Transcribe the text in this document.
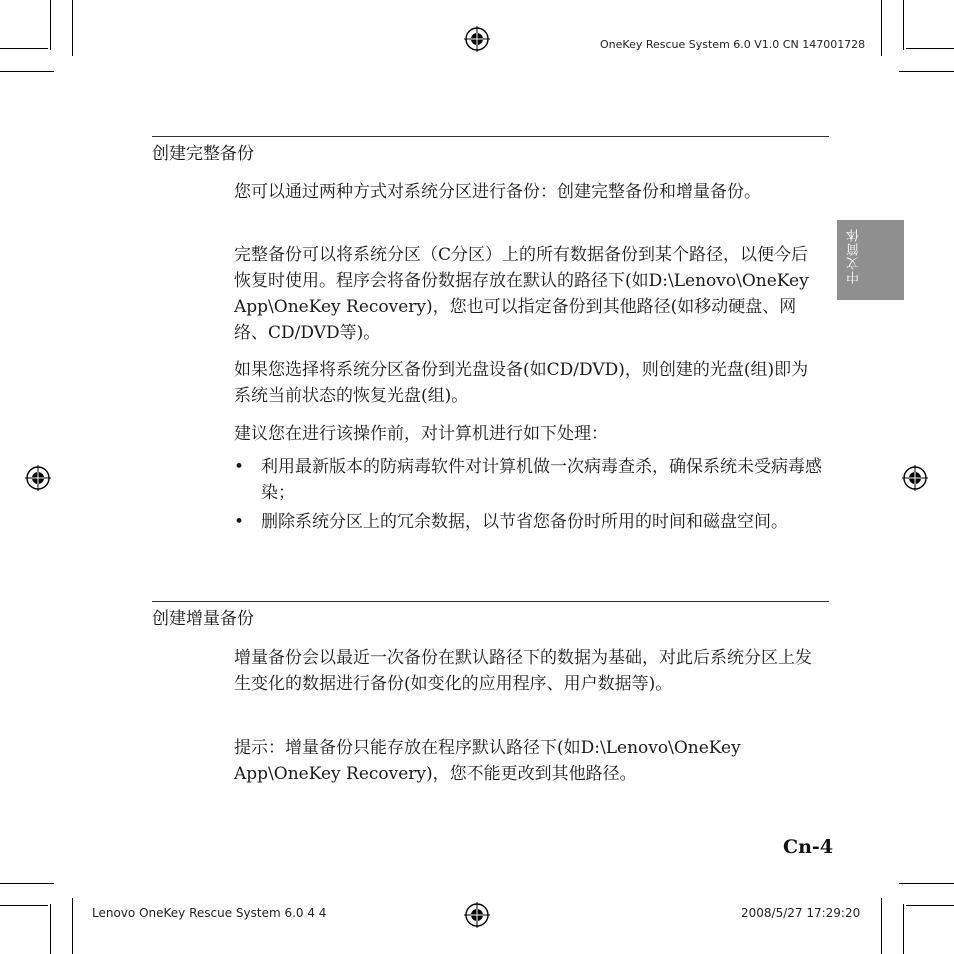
OneKey Rescue System 6.0 V1.0 CN 147001728
中文简体
创建完整备份

您可以通过两种方式对系统分区进行备份：创建完整备份和增量备份。

完整备份可以将系统分区（C分区）上的所有数据备份到某个路径，以便今后恢复时使用。程序会将备份数据存放在默认的路径下(如D:\Lenovo\OneKey App\OneKey Recovery)，您也可以指定备份到其他路径(如移动硬盘、网络、CD/DVD等)。

如果您选择将系统分区备份到光盘设备(如CD/DVD)，则创建的光盘(组)即为系统当前状态的恢复光盘(组)。

建议您在进行该操作前，对计算机进行如下处理：

• 利用最新版本的防病毒软件对计算机做一次病毒查杀，确保系统未受病毒感染；
• 删除系统分区上的冗余数据，以节省您备份时所用的时间和磁盘空间。
创建增量备份

增量备份会以最近一次备份在默认路径下的数据为基础，对此后系统分区上发生变化的数据进行备份(如变化的应用程序、用户数据等)。

提示：增量备份只能存放在程序默认路径下(如D:\Lenovo\OneKey App\OneKey Recovery)，您不能更改到其他路径。

Cn-4
Lenovo OneKey Rescue System 6.0 4 4	2008/5/27 17:29:20
